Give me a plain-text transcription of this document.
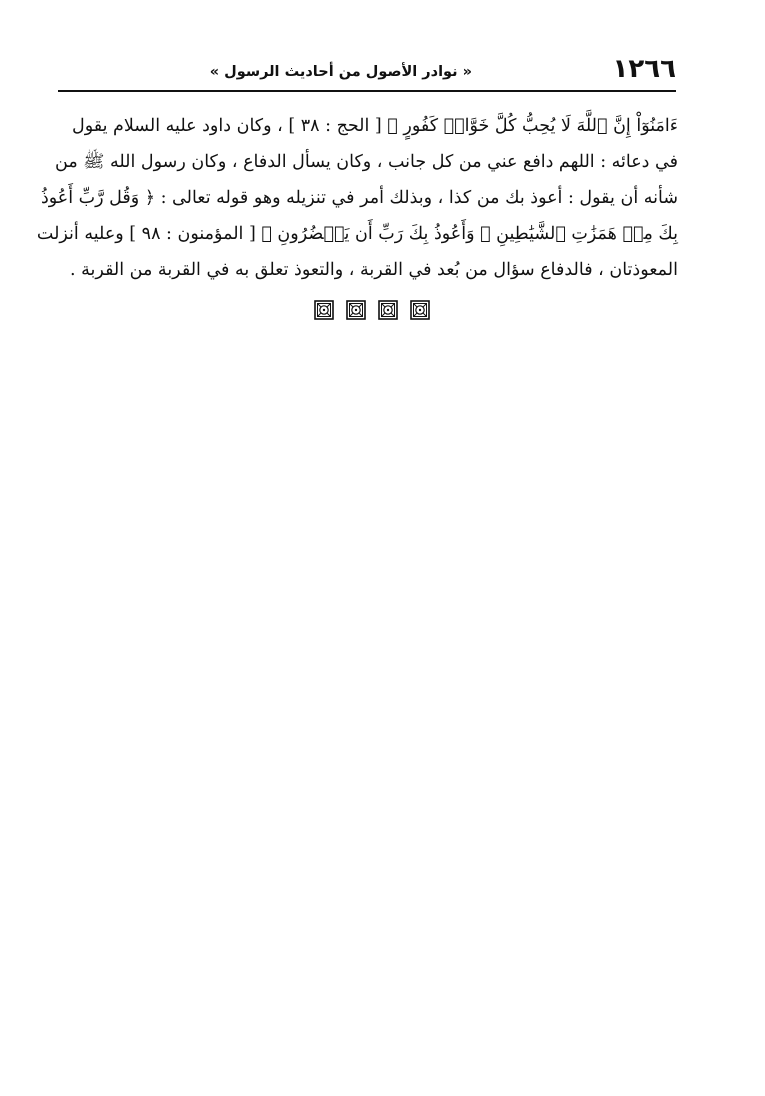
١٢٦٦
« نوادر الأصول من أحاديث الرسول »
ءَامَنُوٓاْ إِنَّ ٱللَّهَ لَا يُحِبُّ كُلَّ خَوَّانٖ كَفُورٍ ﴾ [ الحج : ٣٨ ] ، وكان داود عليه السلام يقول
في دعائه : اللهم دافع عني من كل جانب ، وكان يسأل الدفاع ، وكان رسول الله ﷺ من
شأنه أن يقول : أعوذ بك من كذا ، وبذلك أمر في تنزيله وهو قوله تعالى : ﴿ وَقُل رَّبِّ أَعُوذُ
بِكَ مِنۡ هَمَزَٰتِ ٱلشَّيَٰطِينِ ﴿ وَأَعُوذُ بِكَ رَبِّ أَن يَحۡضُرُونِ ﴾ [ المؤمنون : ٩٨ ] وعليه أنزلت
المعوذتان ، فالدفاع سؤال من بُعد في القربة ، والتعوذ تعلق به في القربة من القربة .
